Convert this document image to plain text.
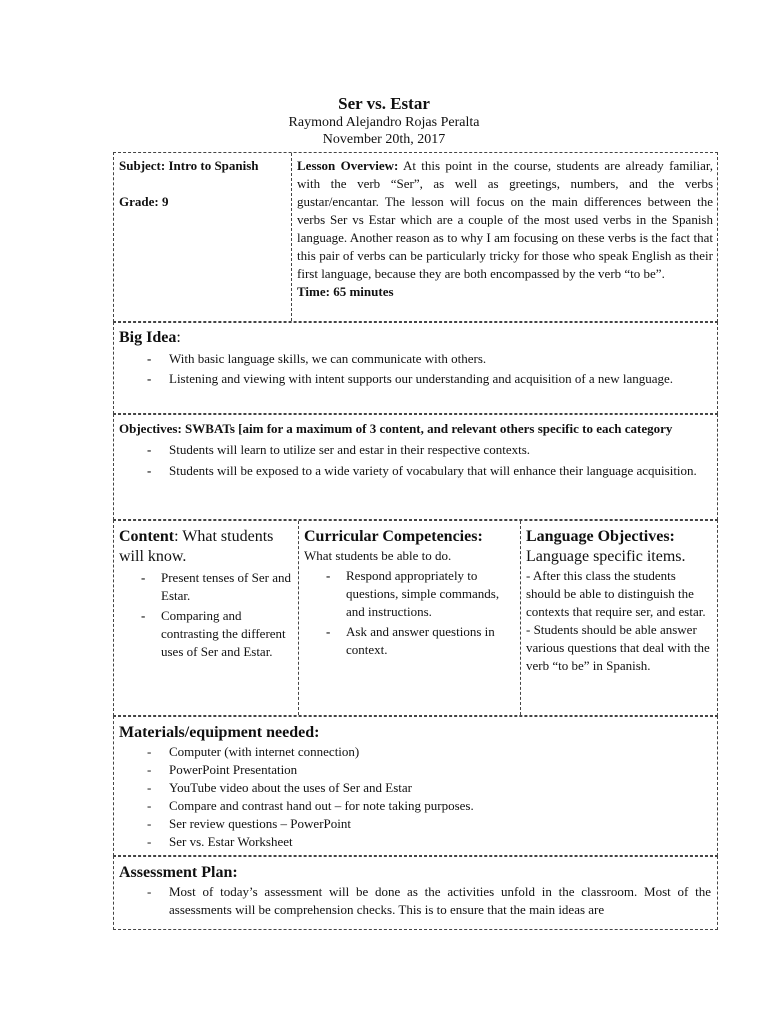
Ser vs. Estar
Raymond Alejandro Rojas Peralta
November 20th, 2017
Subject: Intro to Spanish
Grade: 9
Lesson Overview: At this point in the course, students are already familiar, with the verb “Ser”, as well as greetings, numbers, and the verbs gustar/encantar. The lesson will focus on the main differences between the verbs Ser vs Estar which are a couple of the most used verbs in the Spanish language. Another reason as to why I am focusing on these verbs is the fact that this pair of verbs can be particularly tricky for those who speak English as their first language, because they are both encompassed by the verb “to be”.
Time: 65 minutes
Big Idea:
- With basic language skills, we can communicate with others.
- Listening and viewing with intent supports our understanding and acquisition of a new language.
Objectives: SWBATs [aim for a maximum of 3 content, and relevant others specific to each category
- Students will learn to utilize ser and estar in their respective contexts.
- Students will be exposed to a wide variety of vocabulary that will enhance their language acquisition.
Content: What students will know.
- Present tenses of Ser and Estar.
- Comparing and contrasting the different uses of Ser and Estar.
Curricular Competencies:
What students be able to do.
- Respond appropriately to questions, simple commands, and instructions.
- Ask and answer questions in context.
Language Objectives:
Language specific items.
- After this class the students should be able to distinguish the contexts that require ser, and estar.
- Students should be able answer various questions that deal with the verb “to be” in Spanish.
Materials/equipment needed:
- Computer (with internet connection)
- PowerPoint Presentation
- YouTube video about the uses of Ser and Estar
- Compare and contrast hand out – for note taking purposes.
- Ser review questions – PowerPoint
- Ser vs. Estar Worksheet
Assessment Plan:
- Most of today’s assessment will be done as the activities unfold in the classroom. Most of the assessments will be comprehension checks. This is to ensure that the main ideas are
